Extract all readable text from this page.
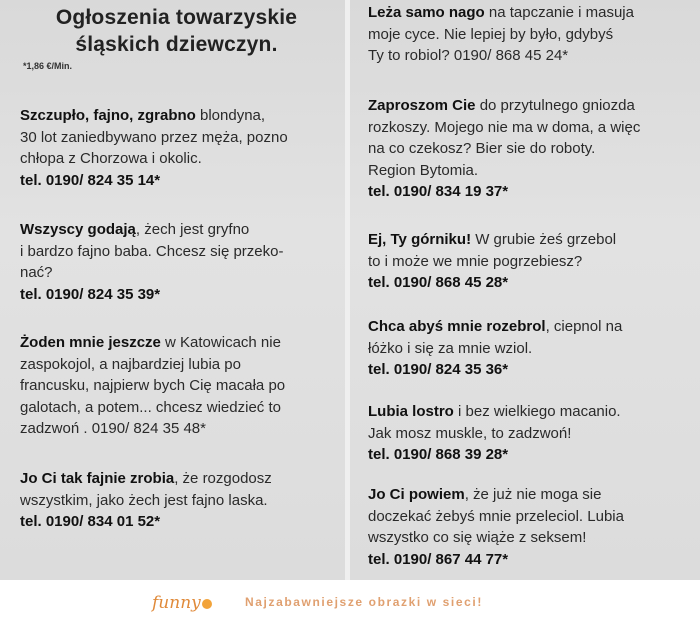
Ogłoszenia towarzyskie
śląskich dziewczyn.
*1,86 €/Min.
Szczupło, fajno, zgrabno blondyna,
30 lot zaniedbywano przez męża, pozno
chłopa z Chorzowa i okolic.
tel. 0190/ 824 35 14*
Wszyscy godają, żech jest gryfno
i bardzo fajno baba. Chcesz się przeko-
nać?
tel. 0190/ 824 35 39*
Żoden mnie jeszcze w Katowicach nie
zaspokojol, a najbardziej lubia po
francusku, najpierw bych Cię macała po
galotach, a potem... chcesz wiedzieć to
zadzwoń . 0190/ 824 35 48*
Jo Ci tak fajnie zrobia, że rozgodosz
wszystkim, jako żech jest fajno laska.
tel. 0190/ 834 01 52*
Leża samo nago na tapczanie i masuja
moje cyce. Nie lepiej by było, gdybyś
Ty to robiol? 0190/ 868 45 24*
Zaproszom Cie do przytulnego gniozda
rozkoszy. Mojego nie ma w doma, a więc
na co czekosz? Bier sie do roboty.
Region Bytomia.
tel. 0190/ 834 19 37*
Ej, Ty górniku! W grubie żeś grzebol
to i może we mnie pogrzebiesz?
tel. 0190/ 868 45 28*
Chca abyś mnie rozebrol, ciepnol na
łóżko i się za mnie wziol.
tel. 0190/ 824 35 36*
Lubia lostro i bez wielkiego macanio.
Jak mosz muskle, to zadzwoń!
tel. 0190/ 868 39 28*
Jo Ci powiem, że już nie moga sie
doczekać żebyś mnie przeleciol. Lubia
wszystko co się wiąże z seksem!
tel. 0190/ 867 44 77*
funny	Najzabawniejsze obrazki w sieci!
